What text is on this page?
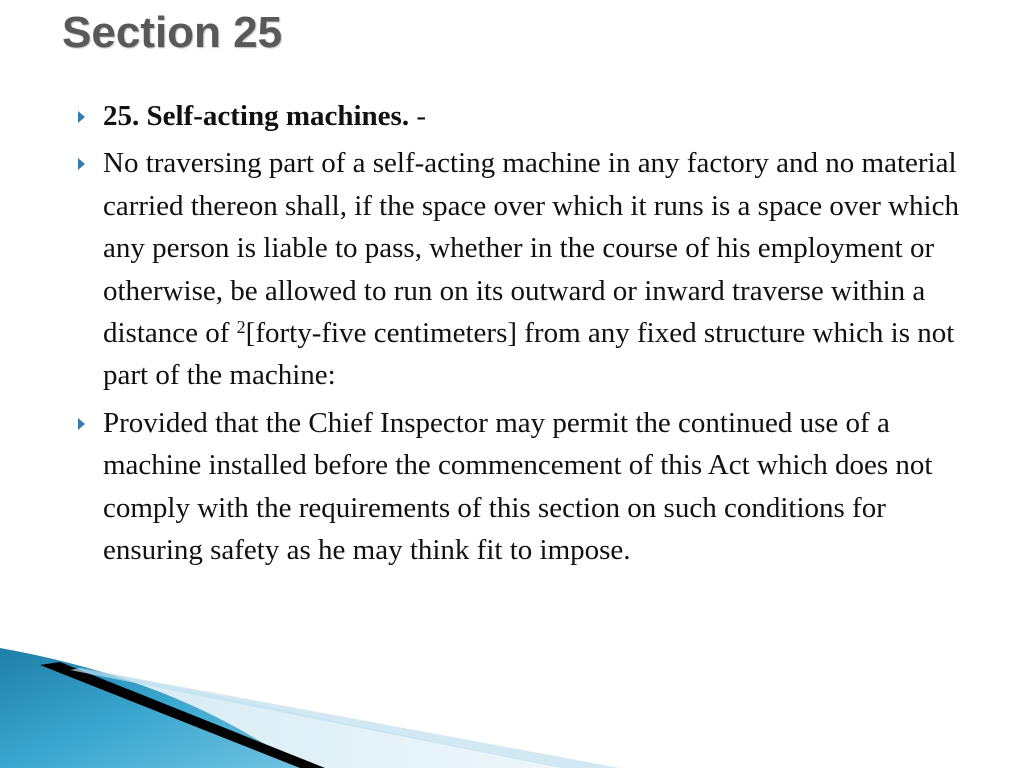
Section 25
25. Self-acting machines. -
No traversing part of a self-acting machine in any factory and no material carried thereon shall, if the space over which it runs is a space over which any person is liable to pass, whether in the course of his employment or otherwise, be allowed to run on its outward or inward traverse within a distance of $^2$[forty-five centimeters] from any fixed structure which is not part of the machine:
Provided that the Chief Inspector may permit the continued use of a machine installed before the commencement of this Act which does not comply with the requirements of this section on such conditions for ensuring safety as he may think fit to impose.
